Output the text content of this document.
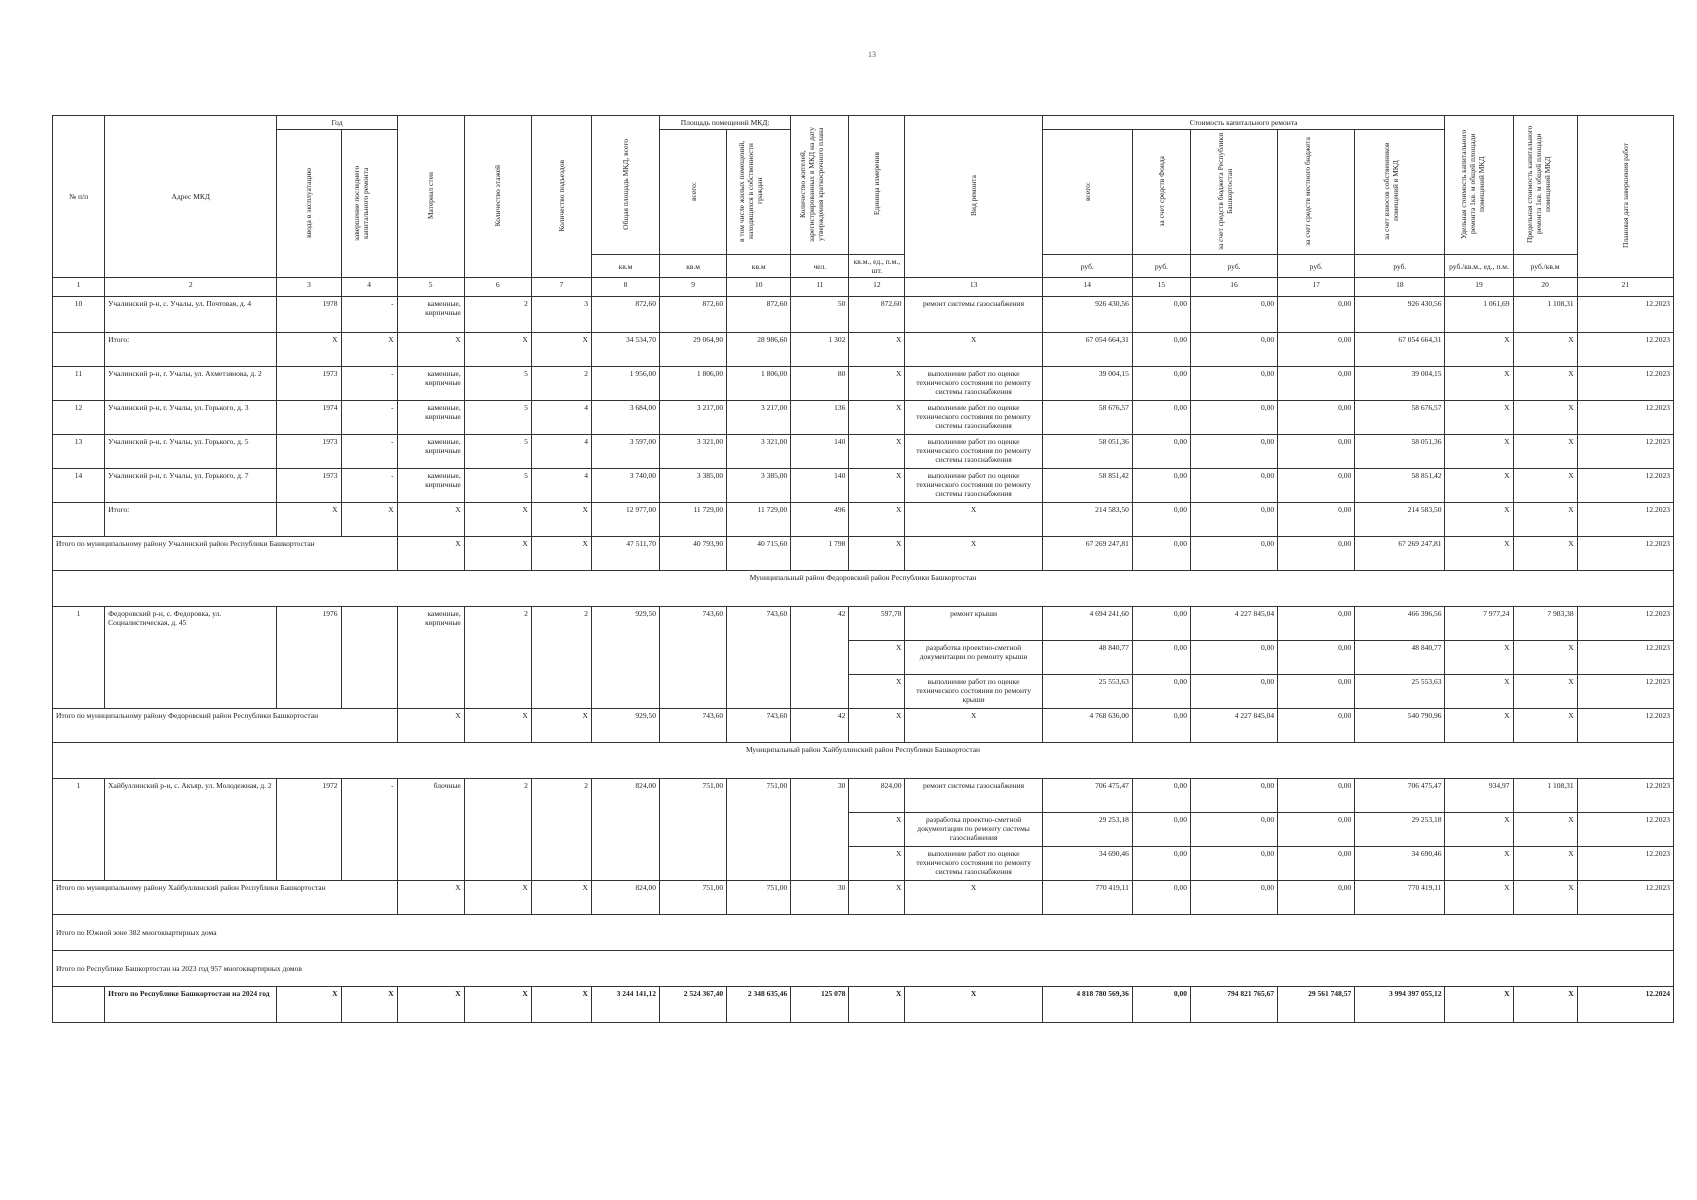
13
№ п/п	Адрес МКД	Год		Материал стен	Количество этажей	Количество подъездов	Общая площадь МКД, всего	Площадь помещений МКД:		Количество жителей, зарегистрированных в МКД на дату утверждения краткосрочного плана	Единица измерения	Вид ремонта	Стоимость капитального ремонта					Удельная стоимость капитального ремонта 1кв. м общей площади помещений МКД	Предельная стоимость капитального ремонта 1кв. м общей площади помещений МКД	Плановая дата завершения работ
		ввода в эксплуатацию	завершение последнего капитального ремонта					всего:	в том числе жилых помещений, находящихся в собственности граждан				всего:	за счет средств Фонда	за счет средств бюджета Республики Башкортостан	за счет средств местного бюджета	за счет взносов собственников помещений в МКД			
							кв.м	кв.м	кв.м	чел.	кв.м., ед., п.м., шт.		руб.	руб.	руб.	руб.	руб.	руб./кв.м., ед., п.м.	руб./кв.м	
1	2	3	4	5	6	7	8	9	10	11	12	13	14	15	16	17	18	19	20	21
10	Учалинский р-н, с. Учалы, ул. Почтовая, д. 4	1978	-	каменные, кирпичные	2	3	872,60	872,60	872,60	50	872,60	ремонт системы газоснабжения	926 430,56	0,00	0,00	0,00	926 430,56	1 061,69	1 108,31	12.2023
	Итого:	X	X	X	X	X	34 534,70	29 064,90	28 986,60	1 302	X	X	67 054 664,31	0,00	0,00	0,00	67 054 664,31	X	X	12.2023
11	Учалинский р-н, г. Учалы, ул. Ахметзянова, д. 2	1973	-	каменные, кирпичные	5	2	1 956,00	1 806,00	1 806,00	80	X	выполнение работ по оценке технического состояния по ремонту системы газоснабжения	39 004,15	0,00	0,00	0,00	39 004,15	X	X	12.2023
12	Учалинский р-н, г. Учалы, ул. Горького, д. 3	1974	-	каменные, кирпичные	5	4	3 684,00	3 217,00	3 217,00	136	X	выполнение работ по оценке технического состояния по ремонту системы газоснабжения	58 676,57	0,00	0,00	0,00	58 676,57	X	X	12.2023
13	Учалинский р-н, г. Учалы, ул. Горького, д. 5	1973	-	каменные, кирпичные	5	4	3 597,00	3 321,00	3 321,00	140	X	выполнение работ по оценке технического состояния по ремонту системы газоснабжения	58 051,36	0,00	0,00	0,00	58 051,36	X	X	12.2023
14	Учалинский р-н, г. Учалы, ул. Горького, д. 7	1973	-	каменные, кирпичные	5	4	3 740,00	3 385,00	3 385,00	140	X	выполнение работ по оценке технического состояния по ремонту системы газоснабжения	58 851,42	0,00	0,00	0,00	58 851,42	X	X	12.2023
	Итого:	X	X	X	X	X	12 977,00	11 729,00	11 729,00	496	X	X	214 583,50	0,00	0,00	0,00	214 583,50	X	X	12.2023
Итого по муниципальному району Учалинский район Республики Башкортостан				X	X	X	47 511,70	40 793,90	40 715,60	1 798	X	X	67 269 247,81	0,00	0,00	0,00	67 269 247,81	X	X	12.2023
Муниципальный район Федоровский район Республики Башкортостан																				
1	Федоровский р-н, с. Федоровка, ул. Социалистическая, д. 45	1976		каменные, кирпичные	2	2	929,50	743,60	743,60	42	597,78	ремонт крыши	4 694 241,60	0,00	4 227 845,04	0,00	466 396,56	7 977,24	7 983,38	12.2023
											X	разработка проектно-сметной документации по ремонту крыши	48 840,77	0,00	0,00	0,00	48 840,77	X	X	12.2023
											X	выполнение работ по оценке технического состояния по ремонту крыши	25 553,63	0,00	0,00	0,00	25 553,63	X	X	12.2023
Итого по муниципальному району Федоровский район Республики Башкортостан				X	X	X	929,50	743,60	743,60	42	X	X	4 768 636,00	0,00	4 227 845,04	0,00	540 790,96	X	X	12.2023
Муниципальный район Хайбуллинский район Республики Башкортостан																				
1	Хайбуллинский р-н, с. Акъяр, ул. Молодежная, д. 2	1972	-	блочные	2	2	824,00	751,00	751,00	30	824,00	ремонт системы газоснабжения	706 475,47	0,00	0,00	0,00	706 475,47	934,97	1 108,31	12.2023
											X	разработка проектно-сметной документации по ремонту системы газоснабжения	29 253,18	0,00	0,00	0,00	29 253,18	X	X	12.2023
											X	выполнение работ по оценке технического состояния по ремонту системы газоснабжения	34 690,46	0,00	0,00	0,00	34 690,46	X	X	12.2023
Итого по муниципальному району Хайбуллинский район Республики Башкортостан				X	X	X	824,00	751,00	751,00	30	X	X	770 419,11	0,00	0,00	0,00	770 419,11	X	X	12.2023
Итого по Южной зоне 382 многоквартирных дома																				
Итого по Республике Башкортостан на 2023 год 957 многоквартирных домов																				
	Итого по Республике Башкортостан на 2024 год	X	X	X	X	X	3 244 141,12	2 524 367,40	2 348 635,46	125 078	X	X	4 818 780 569,36	0,00	794 821 765,67	29 561 748,57	3 994 397 055,12	X	X	12.2024
